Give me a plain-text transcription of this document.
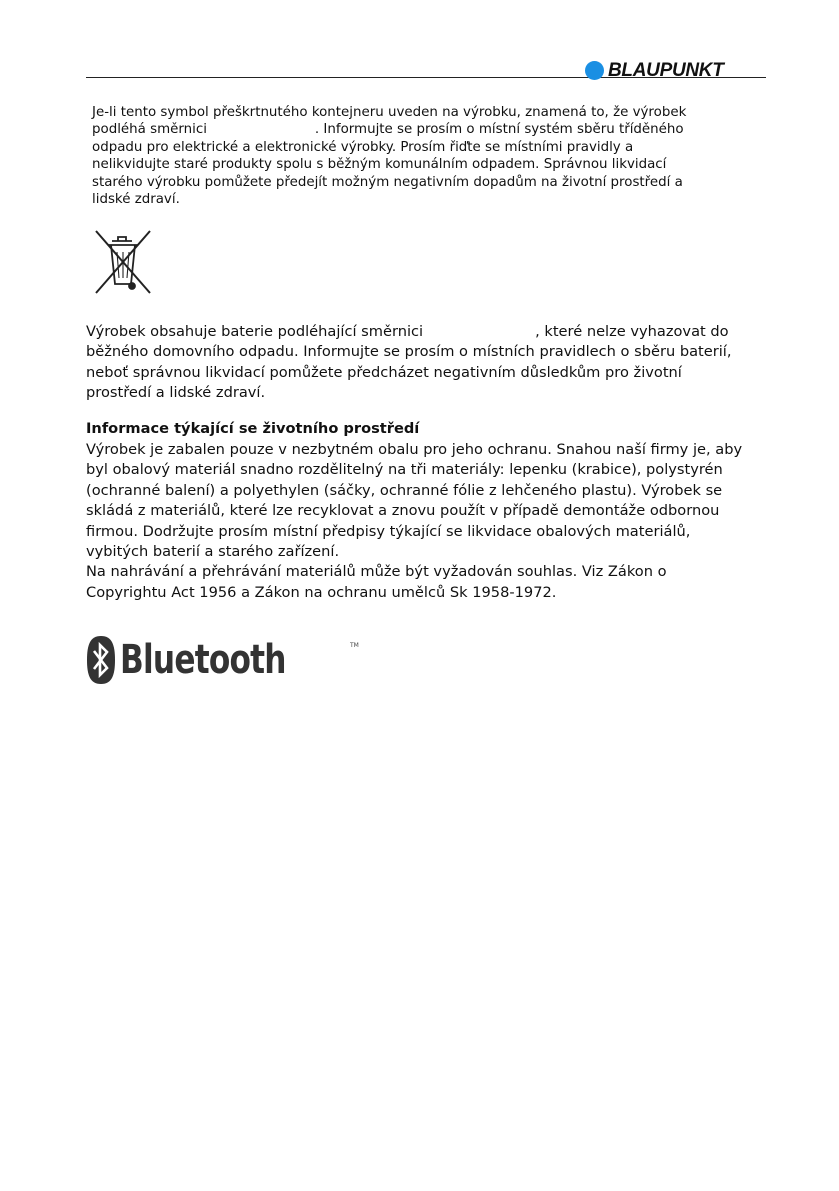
BLAUPUNKT

Je-li tento symbol přeškrtnutého kontejneru uveden na výrobku, znamená to, že výrobek
podléhá směrnici	. Informujte se prosím o místní systém sběru tříděného
odpadu pro elektrické a elektronické výrobky. Prosím řiďte se místními pravidly a
nelikvidujte staré produkty spolu s běžným komunálním odpadem. Správnou likvidací
starého výrobku pomůžete předejít možným negativním dopadům na životní prostředí a
lidské zdraví.

Výrobek obsahuje baterie podléhající směrnici	, které nelze vyhazovat do
běžného domovního odpadu. Informujte se prosím o místních pravidlech o sběru baterií,
neboť správnou likvidací pomůžete předcházet negativním důsledkům pro životní
prostředí a lidské zdraví.

Informace týkající se životního prostředí

Výrobek je zabalen pouze v nezbytném obalu pro jeho ochranu. Snahou naší firmy je, aby
byl obalový materiál snadno rozdělitelný na tři materiály: lepenku (krabice), polystyrén
(ochranné balení) a polyethylen (sáčky, ochranné fólie z lehčeného plastu). Výrobek se
skládá z materiálů, které lze recyklovat a znovu použít v případě demontáže odbornou
firmou. Dodržujte prosím místní předpisy týkající se likvidace obalových materiálů,
vybitých baterií a starého zařízení.
Na nahrávání a přehrávání materiálů může být vyžadován souhlas. Viz Zákon o
Copyrightu Act 1956 a Zákon na ochranu umělců Sk 1958-1972.

Bluetooth	TM
